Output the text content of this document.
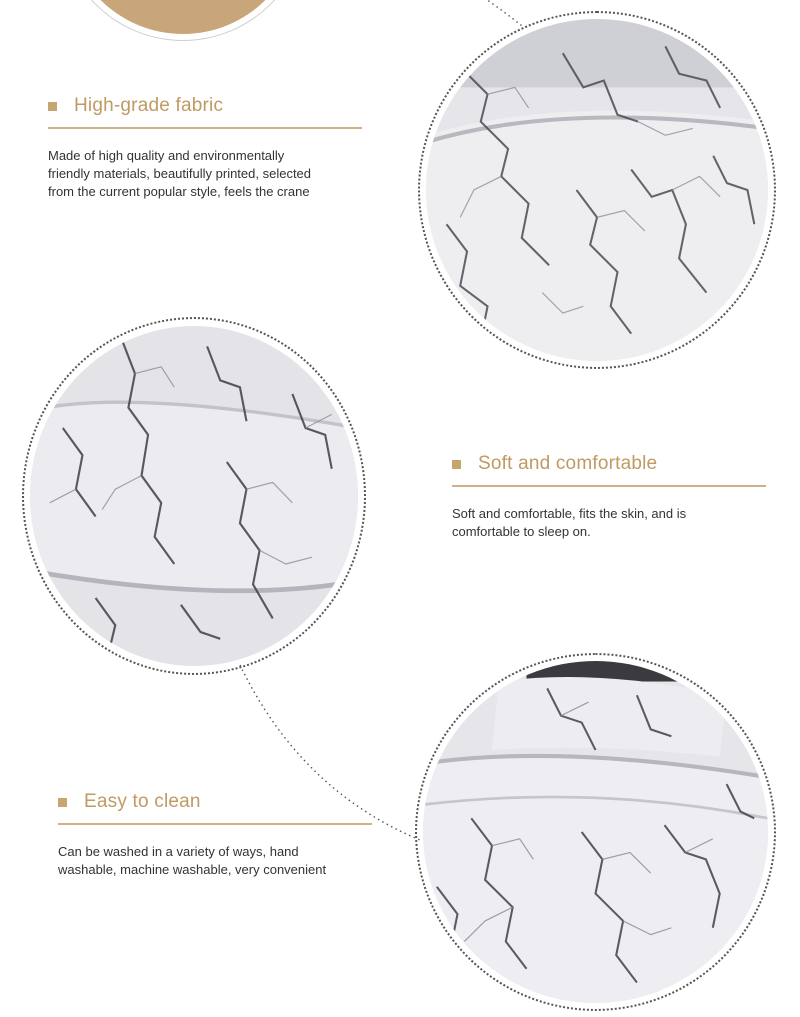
High-grade fabric
Made of high quality and environmentally
friendly materials, beautifully printed, selected
from the current popular style, feels the crane
Soft and comfortable
Soft and comfortable, fits the skin, and is
comfortable to sleep on.
Easy to clean
Can be washed in a variety of ways, hand
washable, machine washable, very convenient
